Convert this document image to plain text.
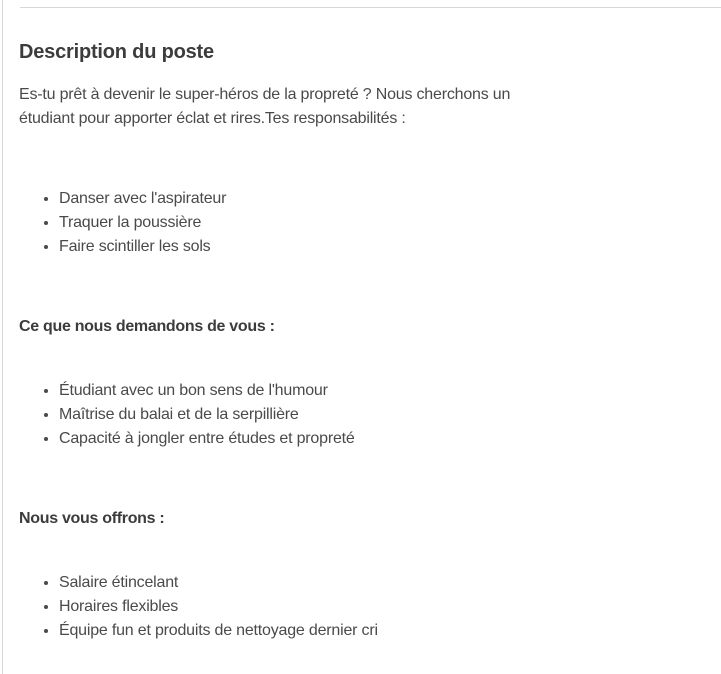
Description du poste

Es-tu prêt à devenir le super-héros de la propreté ? Nous cherchons un étudiant pour apporter éclat et rires.Tes responsabilités :

• Danser avec l'aspirateur
• Traquer la poussière
• Faire scintiller les sols

Ce que nous demandons de vous :

• Étudiant avec un bon sens de l'humour
• Maîtrise du balai et de la serpillière
• Capacité à jongler entre études et propreté

Nous vous offrons :

• Salaire étincelant
• Horaires flexibles
• Équipe fun et produits de nettoyage dernier cri
